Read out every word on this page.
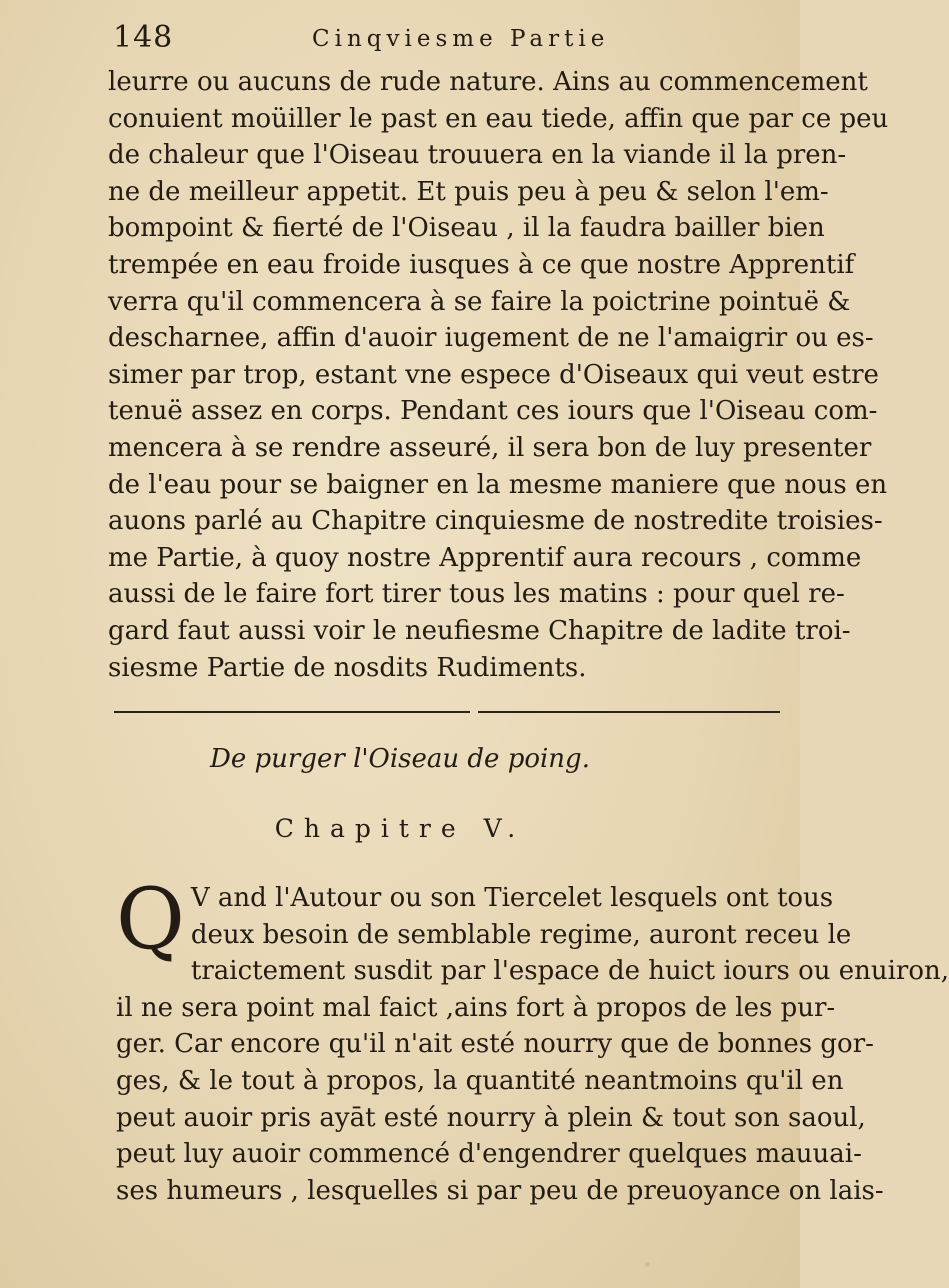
148	Cinqviesme Partie
leurre ou aucuns de rude nature. Ains au commencement
conuient moüiller le past en eau tiede, affin que par ce peu
de chaleur que l'Oiseau trouuera en la viande il la pren-
ne de meilleur appetit. Et puis peu à peu & selon l'em-
bompoint & fierté de l'Oiseau , il la faudra bailler bien
trempée en eau froide iusques à ce que nostre Apprentif
verra qu'il commencera à se faire la poictrine pointuë &
descharnee, affin d'auoir iugement de ne l'amaigrir ou es-
simer par trop, estant vne espece d'Oiseaux qui veut estre
tenuë assez en corps. Pendant ces iours que l'Oiseau com-
mencera à se rendre asseuré, il sera bon de luy presenter
de l'eau pour se baigner en la mesme maniere que nous en
auons parlé au Chapitre cinquiesme de nostredite troisies-
me Partie, à quoy nostre Apprentif aura recours , comme
aussi de le faire fort tirer tous les matins : pour quel re-
gard faut aussi voir le neufiesme Chapitre de ladite troi-
siesme Partie de nosdits Rudiments.
De purger l'Oiseau de poing.
Chapitre V.
Q V and l'Autour ou son Tiercelet lesquels ont tous
deux besoin de semblable regime, auront receu le
traictement susdit par l'espace de huict iours ou enuiron,
il ne sera point mal faict ,ains fort à propos de les pur-
ger. Car encore qu'il n'ait esté nourry que de bonnes gor-
ges, & le tout à propos, la quantité neantmoins qu'il en
peut auoir pris ayāt esté nourry à plein & tout son saoul,
peut luy auoir commencé d'engendrer quelques mauuai-
ses humeurs , lesquelles si par peu de preuoyance on lais-
